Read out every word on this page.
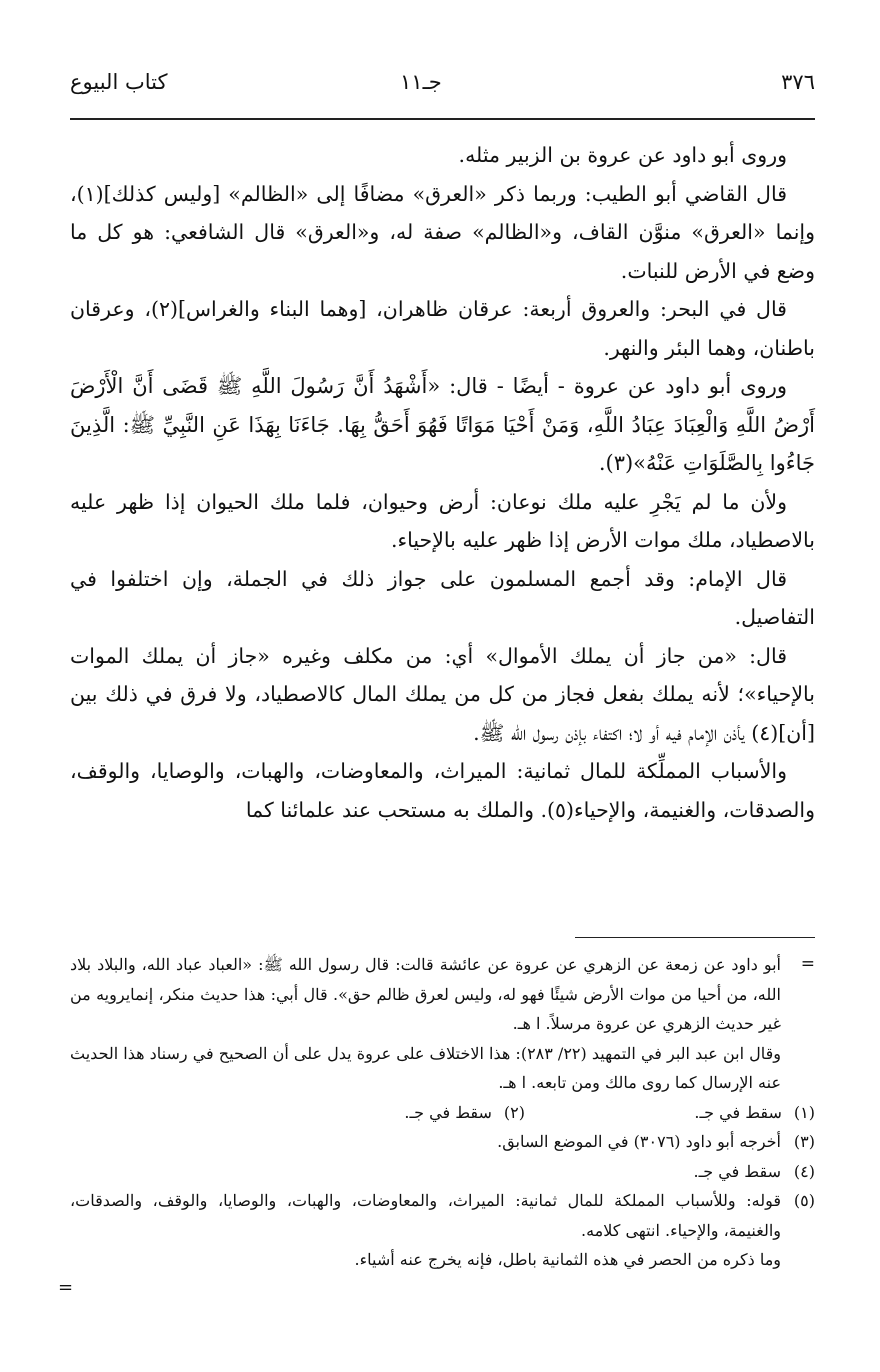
٣٧٦
جـ١١
كتاب البيوع

وروى أبو داود عن عروة بن الزبير مثله.

قال القاضي أبو الطيب: وربما ذكر «العرق» مضافًا إلى «الظالم» [وليس كذلك](١)، وإنما «العرق» منوَّن القاف، و«الظالم» صفة له، و«العرق» قال الشافعي: هو كل ما وضع في الأرض للنبات.

قال في البحر: والعروق أربعة: عرقان ظاهران، [وهما البناء والغراس](٢)، وعرقان باطنان، وهما البئر والنهر.

وروى أبو داود عن عروة - أيضًا - قال: «أَشْهَدُ أَنَّ رَسُولَ اللَّهِ ﷺ قَضَى أَنَّ الْأَرْضَ أَرْضُ اللَّهِ وَالْعِبَادَ عِبَادُ اللَّهِ، وَمَنْ أَحْيَا مَوَاتًا فَهُوَ أَحَقُّ بِهَا. جَاءَنَا بِهَذَا عَنِ النَّبِيِّ ﷺ: الَّذِينَ جَاءُوا بِالصَّلَوَاتِ عَنْهُ»(٣).

ولأن ما لم يَجْرِ عليه ملك نوعان: أرض وحيوان، فلما ملك الحيوان إذا ظهر عليه بالاصطياد، ملك موات الأرض إذا ظهر عليه بالإحياء.

قال الإمام: وقد أجمع المسلمون على جواز ذلك في الجملة، وإن اختلفوا في التفاصيل.

قال: «من جاز أن يملك الأموال» أي: من مكلف وغيره «جاز أن يملك الموات بالإحياء»؛ لأنه يملك بفعل فجاز من كل من يملك المال كالاصطياد، ولا فرق في ذلك بين [أن](٤) يأذن الإمام فيه أو لا؛ اكتفاء بإذن رسول الله ﷺ.

والأسباب المملِّكة للمال ثمانية: الميراث، والمعاوضات، والهبات، والوصايا، والوقف، والصدقات، والغنيمة، والإحياء(٥). والملك به مستحب عند علمائنا كما

=

أبو داود عن زمعة عن الزهري عن عروة عن عائشة قالت: قال رسول الله ﷺ: «العباد عباد الله، والبلاد بلاد الله، من أحيا من موات الأرض شيئًا فهو له، وليس لعرق ظالم حق». قال أبي: هذا حديث منكر، إنمايرويه من غير حديث الزهري عن عروة مرسلاً. ا هـ.

وقال ابن عبد البر في التمهيد (٢٢/ ٢٨٣): هذا الاختلاف على عروة يدل على أن الصحيح في رسناد هذا الحديث عنه الإرسال كما روى مالك ومن تابعه. ا هـ.

(١)سقط في جـ.
(٢)سقط في جـ.
(٣)
أخرجه أبو داود (٣٠٧٦) في الموضع السابق.
(٤)
سقط في جـ.
(٥)
قوله: وللأسباب المملكة للمال ثمانية: الميراث، والمعاوضات، والهبات، والوصايا، والوقف، والصدقات، والغنيمة، والإحياء. انتهى كلامه.

وما ذكره من الحصر في هذه الثمانية باطل، فإنه يخرج عنه أشياء.

=
